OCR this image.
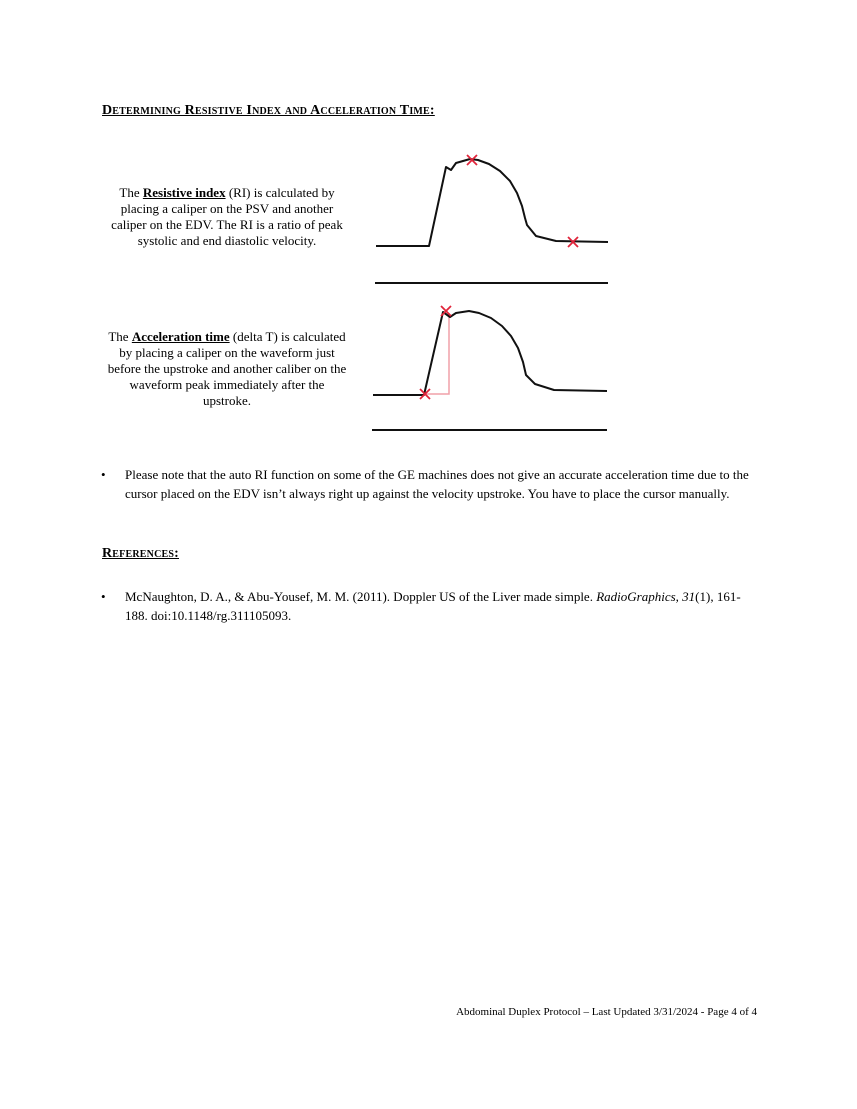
Determining Resistive Index and Acceleration Time:
The Resistive index (RI) is calculated by placing a caliper on the PSV and another caliper on the EDV. The RI is a ratio of peak systolic and end diastolic velocity.
The Acceleration time (delta T) is calculated by placing a caliper on the waveform just before the upstroke and another caliber on the waveform peak immediately after the upstroke.
• Please note that the auto RI function on some of the GE machines does not give an accurate acceleration time due to the cursor placed on the EDV isn’t always right up against the velocity upstroke. You have to place the cursor manually.
References:
• McNaughton, D. A., & Abu-Yousef, M. M. (2011). Doppler US of the Liver made simple. RadioGraphics, 31(1), 161-188. doi:10.1148/rg.311105093.
Abdominal Duplex Protocol – Last Updated 3/31/2024 - Page 4 of 4
